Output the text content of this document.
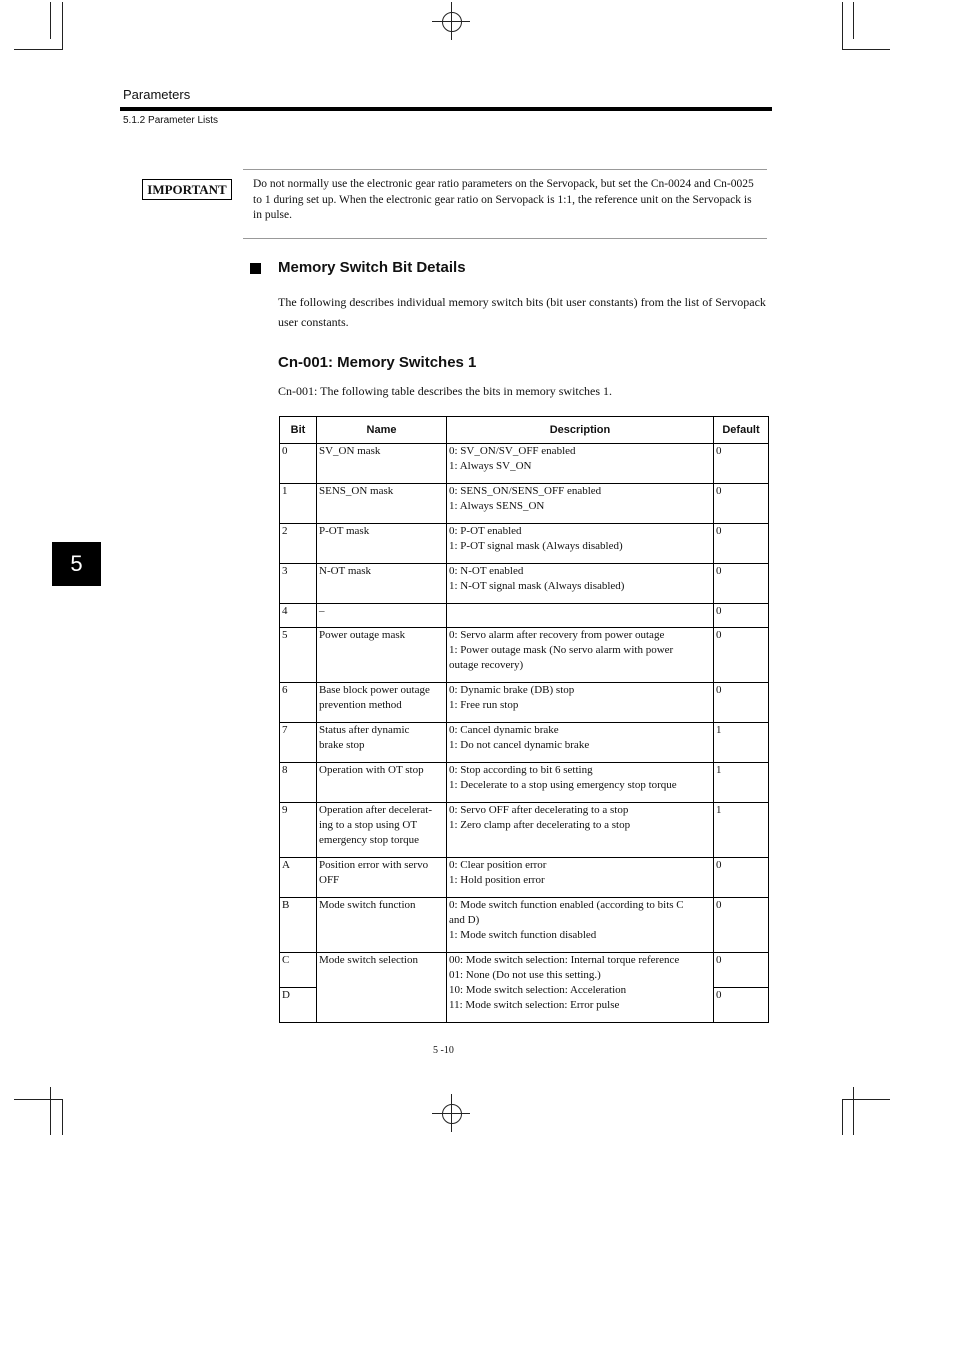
Parameters
5.1.2 Parameter Lists
IMPORTANT	Do not normally use the electronic gear ratio parameters on the Servopack, but set the Cn-0024 and Cn-0025 to 1 during set up. When the electronic gear ratio on Servopack is 1:1, the reference unit on the Servopack is in pulse.
Memory Switch Bit Details
The following describes individual memory switch bits (bit user constants) from the list of Servopack user constants.
Cn-001: Memory Switches 1
Cn-001: The following table describes the bits in memory switches 1.
Bit	Name	Description	Default
0	SV_ON mask	0: SV_ON/SV_OFF enabled
1: Always SV_ON	0
1	SENS_ON mask	0: SENS_ON/SENS_OFF enabled
1: Always SENS_ON	0
2	P-OT mask	0: P-OT enabled
1: P-OT signal mask (Always disabled)	0
3	N-OT mask	0: N-OT enabled
1: N-OT signal mask (Always disabled)	0
4	–		0
5	Power outage mask	0: Servo alarm after recovery from power outage
1: Power outage mask (No servo alarm with power
outage recovery)	0
6	Base block power outage
prevention method	0: Dynamic brake (DB) stop
1: Free run stop	0
7	Status after dynamic
brake stop	0: Cancel dynamic brake
1: Do not cancel dynamic brake	1
8	Operation with OT stop	0: Stop according to bit 6 setting
1: Decelerate to a stop using emergency stop torque	1
9	Operation after decelerat-
ing to a stop using OT
emergency stop torque	0: Servo OFF after decelerating to a stop
1: Zero clamp after decelerating to a stop	1
A	Position error with servo
OFF	0: Clear position error
1: Hold position error	0
B	Mode switch function	0: Mode switch function enabled (according to bits C
and D)
1: Mode switch function disabled	0
C	Mode switch selection	00: Mode switch selection: Internal torque reference
01: None (Do not use this setting.)
10: Mode switch selection: Acceleration
11: Mode switch selection: Error pulse	0
D			0
5
5 -10
